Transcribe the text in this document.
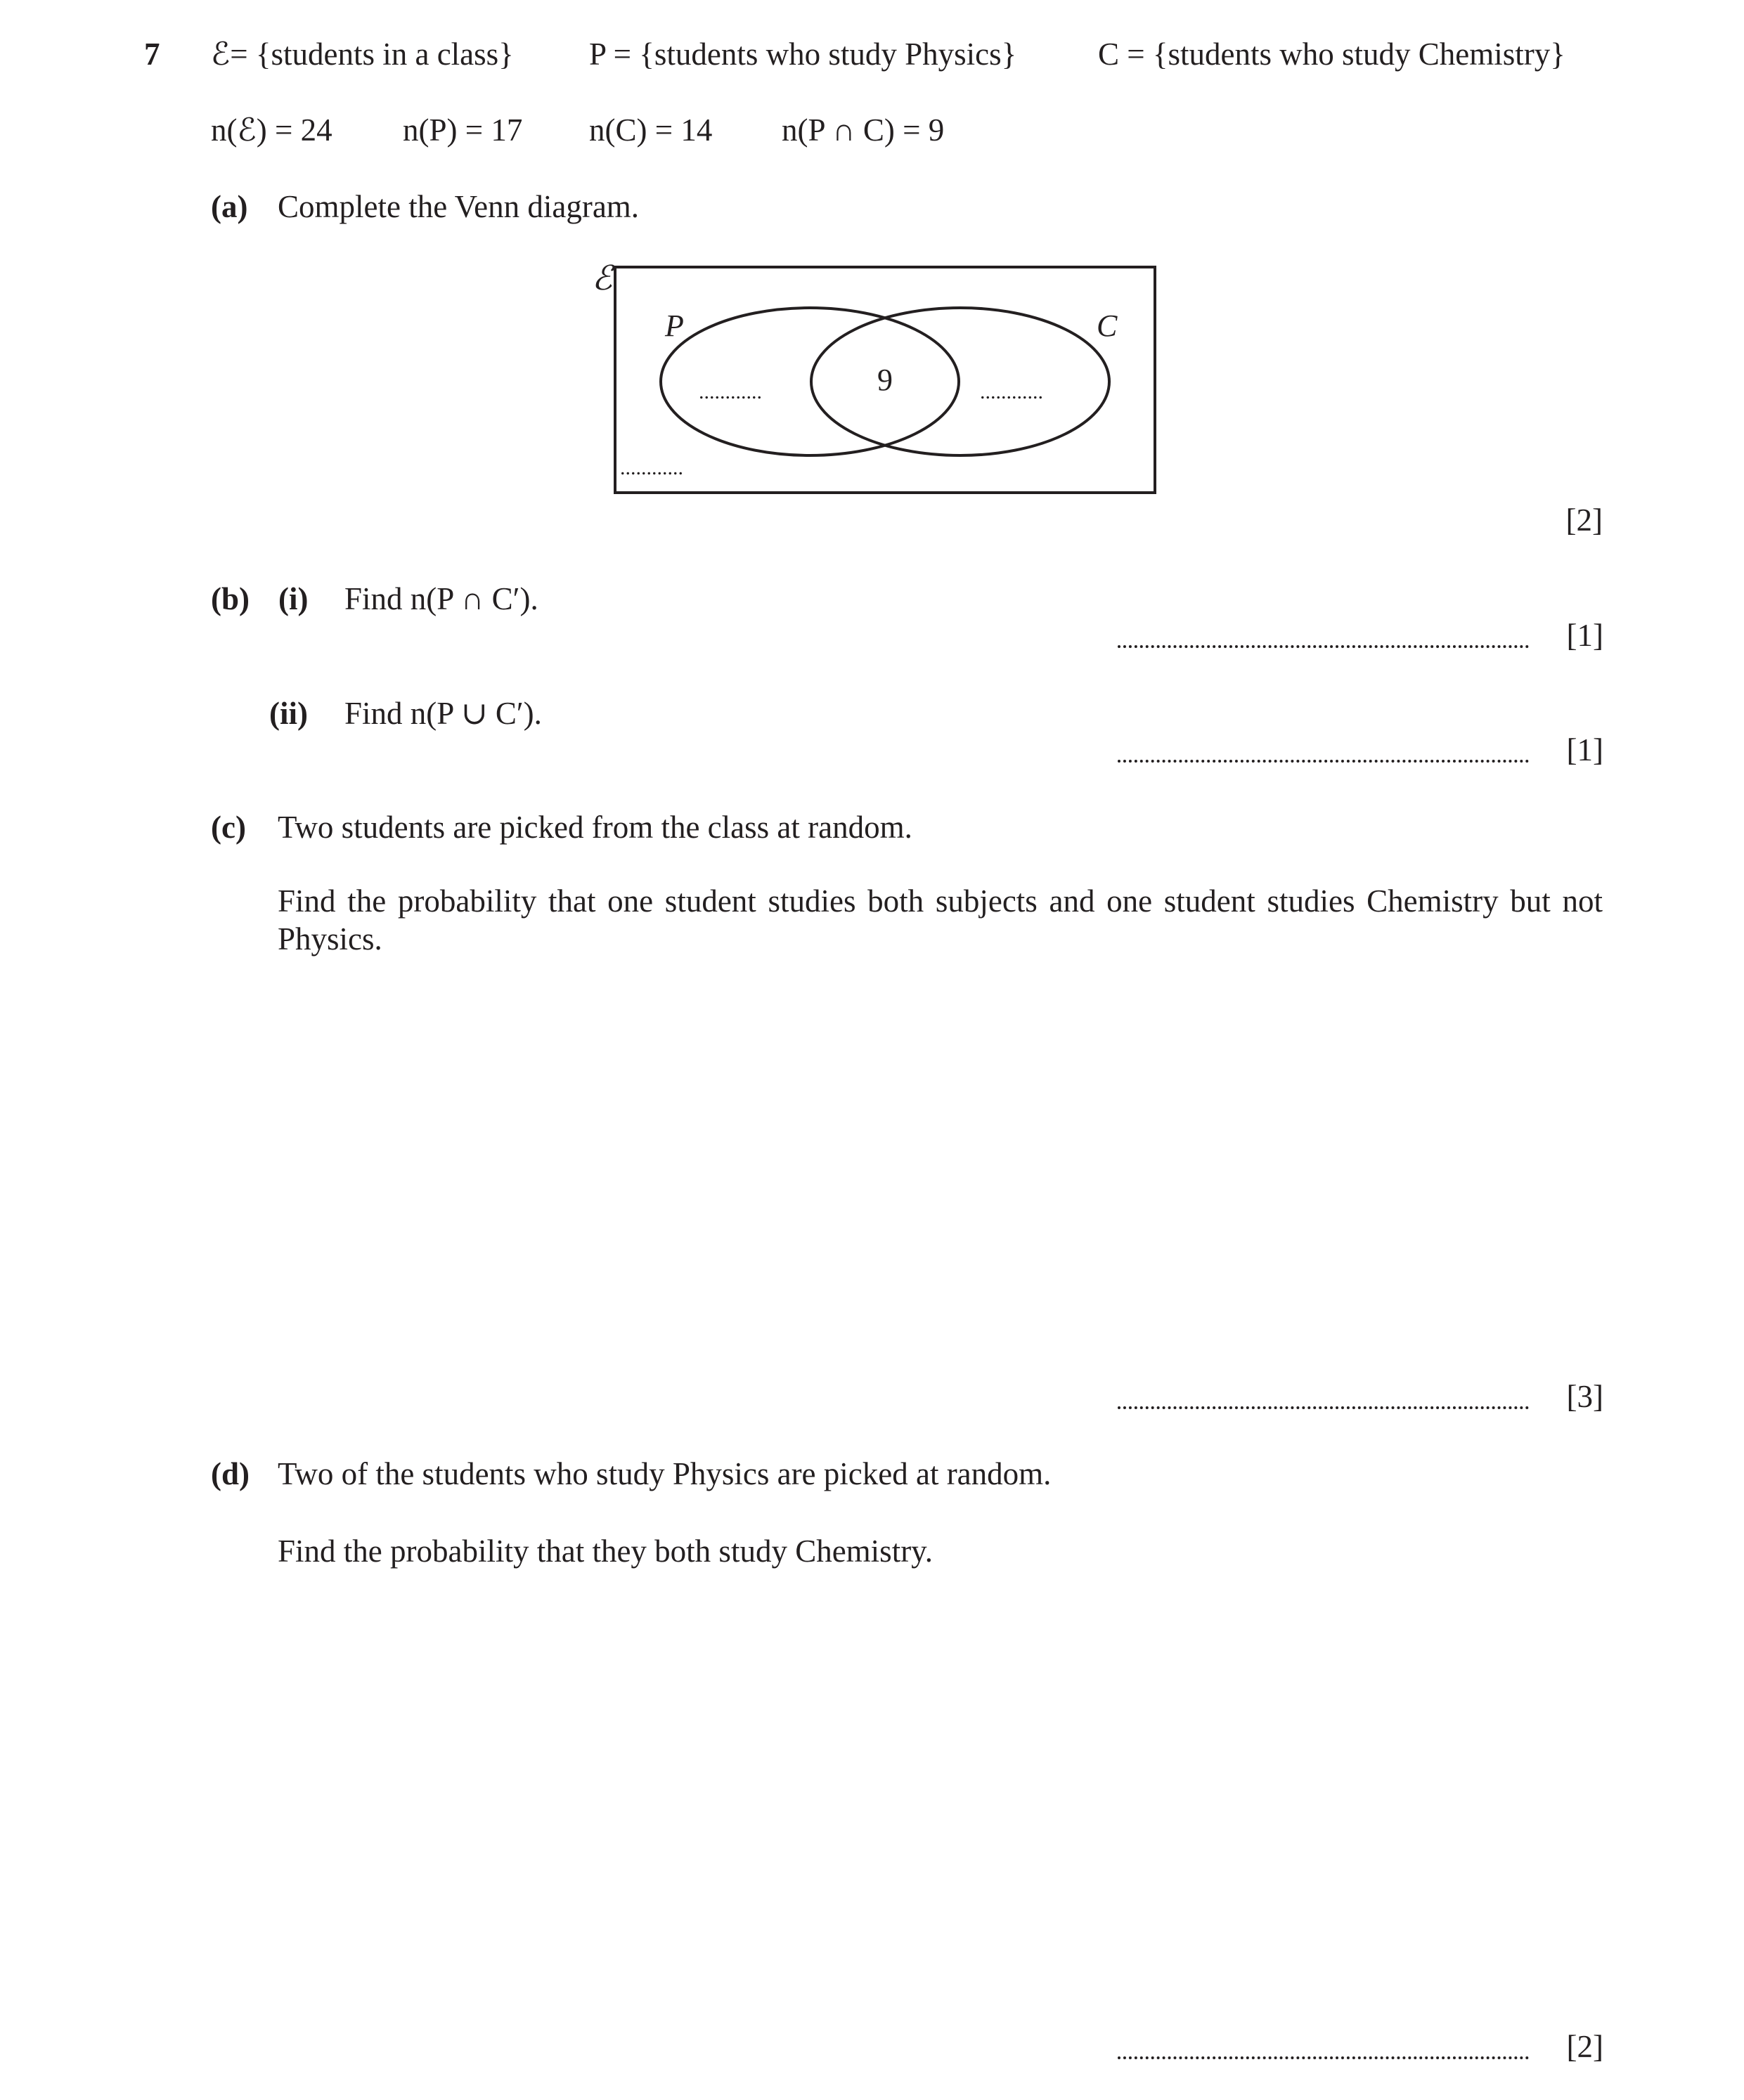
7 ℰ= {students in a class} P = {students who study Physics}	C = {students who study Chemistry}
n(ℰ) = 24 n(P) = 17 n(C) = 14 n(P ∩ C) = 9
(a) Complete the Venn diagram.
ℰ
P	C
9
............	............
............
[2]
(b) (i) Find n(P ∩ C′).
[1]
(ii) Find n(P ∪ C′).
[1]
(c) Two students are picked from the class at random.
Find the probability that one student studies both subjects and one student studies Chemistry but not Physics.
[3]
(d) Two of the students who study Physics are picked at random.
Find the probability that they both study Chemistry.
[2]
